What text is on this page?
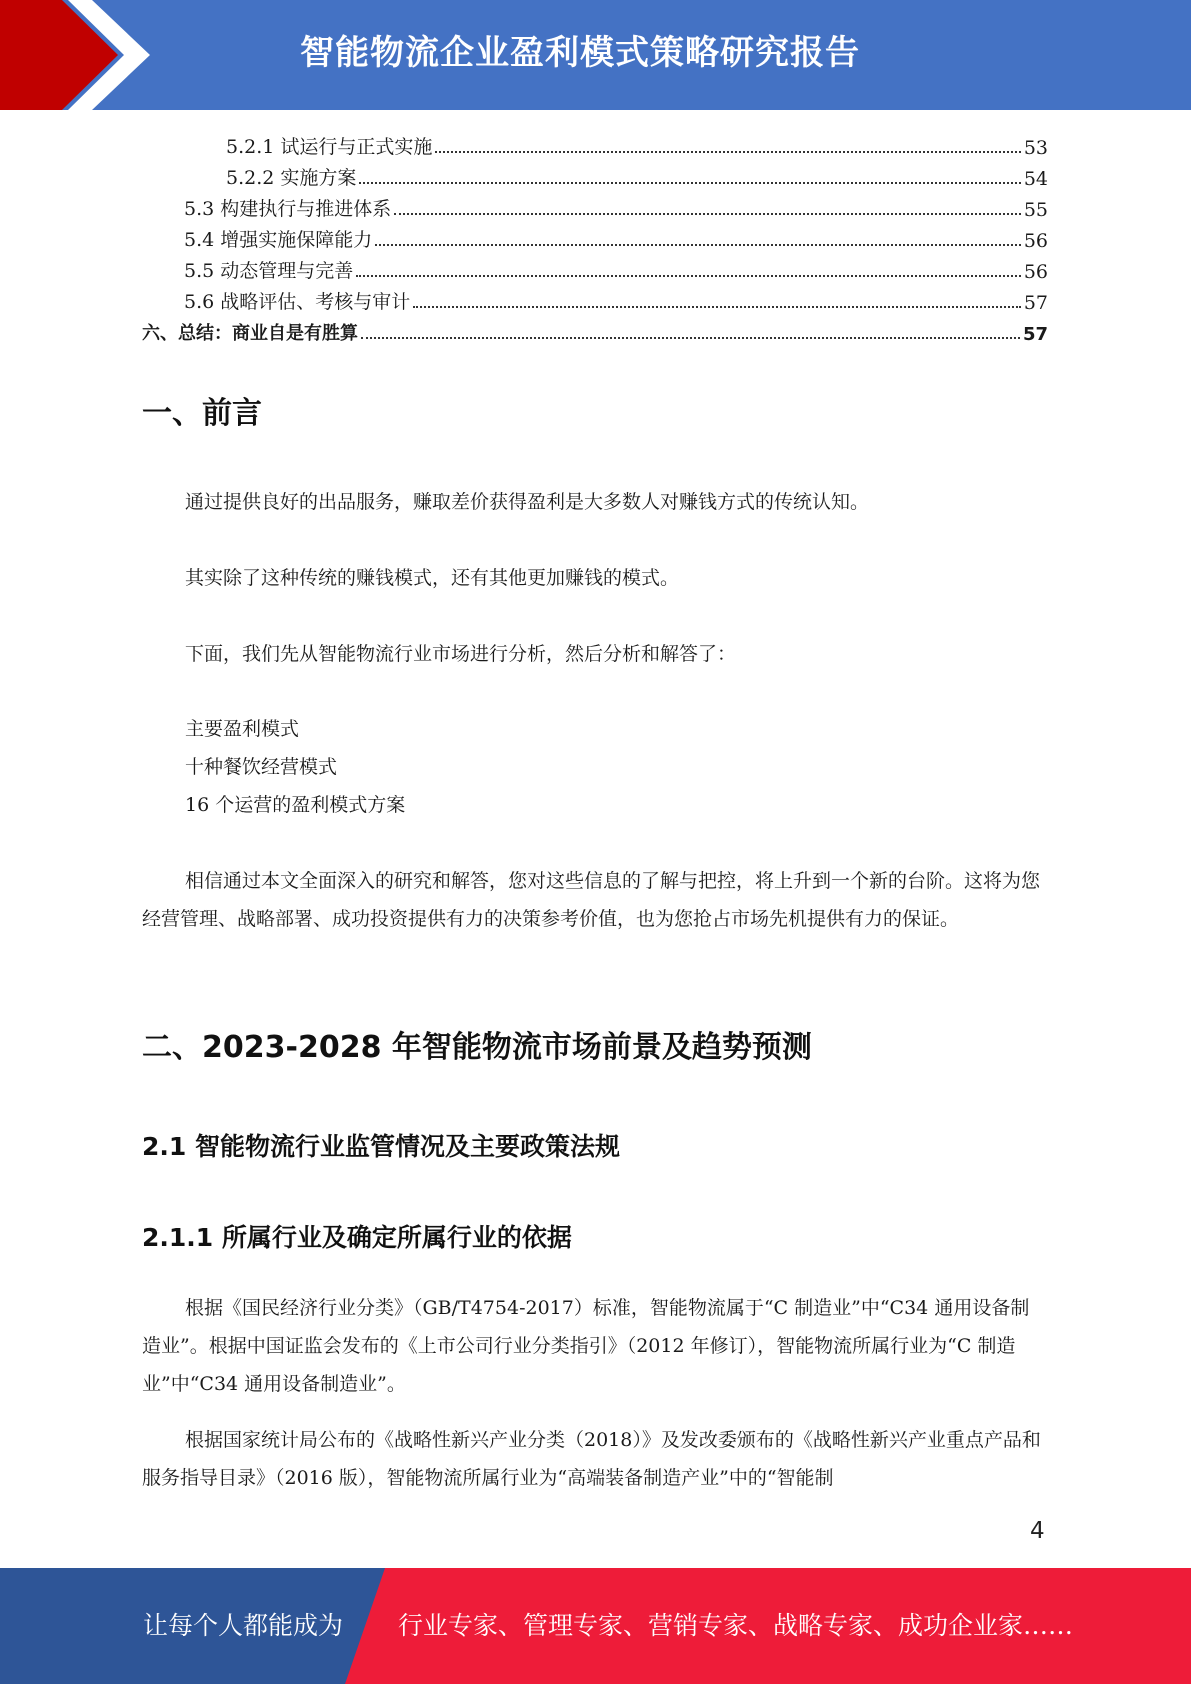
智能物流企业盈利模式策略研究报告
5.2.1 试运行与正式实施	53
5.2.2 实施方案	54
5.3 构建执行与推进体系	55
5.4 增强实施保障能力	56
5.5 动态管理与完善	56
5.6 战略评估、考核与审计	57
六、总结：商业自是有胜算	57
一、前言
通过提供良好的出品服务，赚取差价获得盈利是大多数人对赚钱方式的传统认知。
其实除了这种传统的赚钱模式，还有其他更加赚钱的模式。
下面，我们先从智能物流行业市场进行分析，然后分析和解答了：
主要盈利模式
十种餐饮经营模式
16 个运营的盈利模式方案
相信通过本文全面深入的研究和解答，您对这些信息的了解与把控，将上升到一个新的台阶。这将为您经营管理、战略部署、成功投资提供有力的决策参考价值，也为您抢占市场先机提供有力的保证。
二、2023-2028 年智能物流市场前景及趋势预测
2.1 智能物流行业监管情况及主要政策法规
2.1.1 所属行业及确定所属行业的依据
根据《国民经济行业分类》（GB/T4754-2017）标准，智能物流属于“C 制造业”中“C34 通用设备制造业”。根据中国证监会发布的《上市公司行业分类指引》（2012 年修订），智能物流所属行业为“C 制造业”中“C34 通用设备制造业”。
根据国家统计局公布的《战略性新兴产业分类（2018）》及发改委颁布的《战略性新兴产业重点产品和服务指导目录》（2016 版），智能物流所属行业为“高端装备制造产业”中的“智能制
4
让每个人都能成为 行业专家、管理专家、营销专家、战略专家、成功企业家……
